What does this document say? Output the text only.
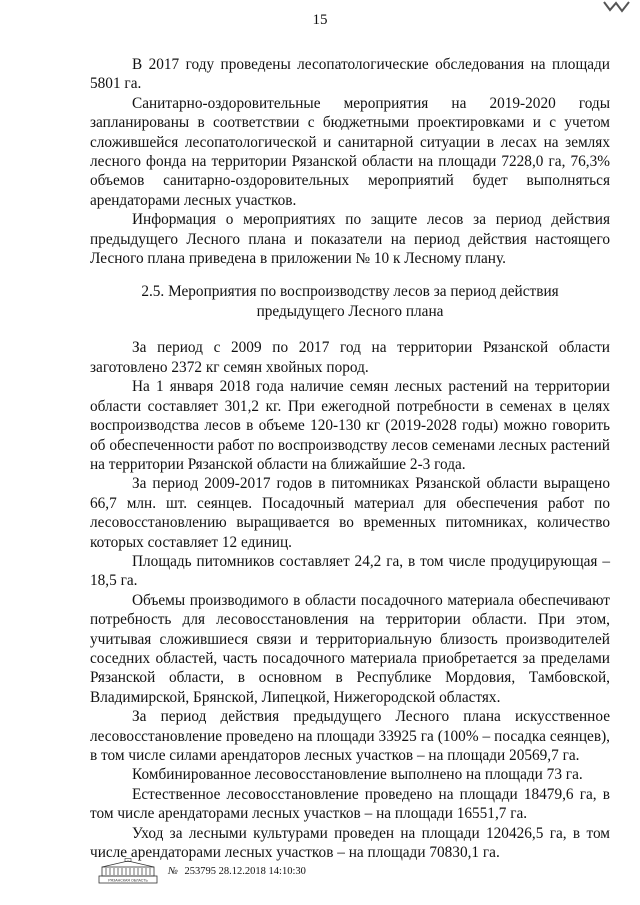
15

В 2017 году проведены лесопатологические обследования на площади 5801 га.

Санитарно-оздоровительные мероприятия на 2019-2020 годы запланированы в соответствии с бюджетными проектировками и с учетом сложившейся лесопатологической и санитарной ситуации в лесах на землях лесного фонда на территории Рязанской области на площади 7228,0 га, 76,3% объемов санитарно-оздоровительных мероприятий будет выполняться арендаторами лесных участков.

Информация о мероприятиях по защите лесов за период действия предыдущего Лесного плана и показатели на период действия настоящего Лесного плана приведена в приложении № 10 к Лесному плану.

2.5. Мероприятия по воспроизводству лесов за период действия
предыдущего Лесного плана

За период с 2009 по 2017 год на территории Рязанской области заготовлено 2372 кг семян хвойных пород.

На 1 января 2018 года наличие семян лесных растений на территории области составляет 301,2 кг. При ежегодной потребности в семенах в целях воспроизводства лесов в объеме 120-130 кг (2019-2028 годы) можно говорить об обеспеченности работ по воспроизводству лесов семенами лесных растений на территории Рязанской области на ближайшие 2-3 года.

За период 2009-2017 годов в питомниках Рязанской области выращено 66,7 млн. шт. сеянцев. Посадочный материал для обеспечения работ по лесовосстановлению выращивается во временных питомниках, количество которых составляет 12 единиц.

Площадь питомников составляет 24,2 га, в том числе продуцирующая – 18,5 га.

Объемы производимого в области посадочного материала обеспечивают потребность для лесовосстановления на территории области. При этом, учитывая сложившиеся связи и территориальную близость производителей соседних областей, часть посадочного материала приобретается за пределами Рязанской области, в основном в Республике Мордовия, Тамбовской, Владимирской, Брянской, Липецкой, Нижегородской областях.

За период действия предыдущего Лесного плана искусственное лесовосстановление проведено на площади 33925 га (100% – посадка сеянцев), в том числе силами арендаторов лесных участков – на площади 20569,7 га.

Комбинированное лесовосстановление выполнено на площади 73 га.

Естественное лесовосстановление проведено на площади 18479,6 га, в том числе арендаторами лесных участков – на площади 16551,7 га.

Уход за лесными культурами проведен на площади 120426,5 га, в том числе арендаторами лесных участков – на площади 70830,1 га.

РЯЗАНСКАЯ ОБЛАСТЬ
№ 253795 28.12.2018 14:10:30
